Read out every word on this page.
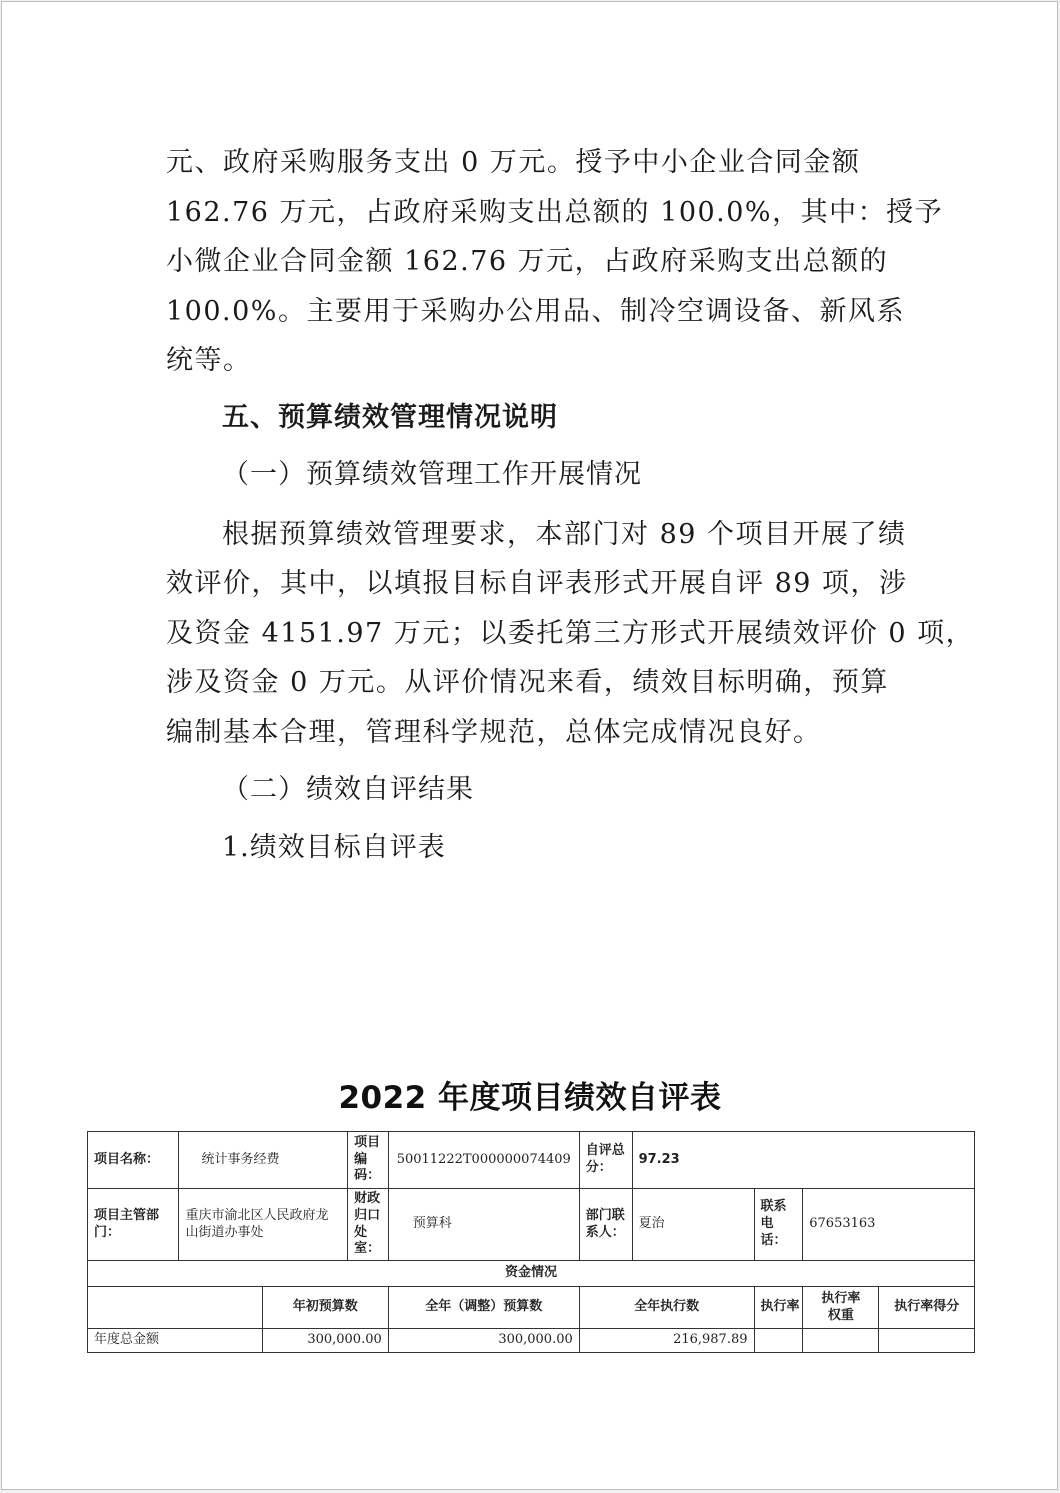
元、政府采购服务支出 0 万元。授予中小企业合同金额
162.76 万元，占政府采购支出总额的 100.0%，其中：授予
小微企业合同金额 162.76 万元，占政府采购支出总额的
100.0%。主要用于采购办公用品、制冷空调设备、新风系
统等。
五、预算绩效管理情况说明
（一）预算绩效管理工作开展情况
根据预算绩效管理要求，本部门对 89 个项目开展了绩
效评价，其中，以填报目标自评表形式开展自评 89 项，涉
及资金 4151.97 万元；以委托第三方形式开展绩效评价 0 项，
涉及资金 0 万元。从评价情况来看，绩效目标明确，预算
编制基本合理，管理科学规范，总体完成情况良好。
（二）绩效自评结果
1.绩效目标自评表
2022 年度项目绩效自评表
项目名称：	统计事务经费		项目编码：	50011222T000000074409	自评总分：	97.23			
项目主管部门：	重庆市渝北区人民政府龙山街道办事处		财政归口处室：	预算科	部门联系人：	夏治	联系电话：	67653163	
资金情况									
		年初预算数		全年（调整）预算数	全年执行数		执行率	执行率权重	执行率得分
年度总金额		300,000.00		300,000.00	216,987.89				
